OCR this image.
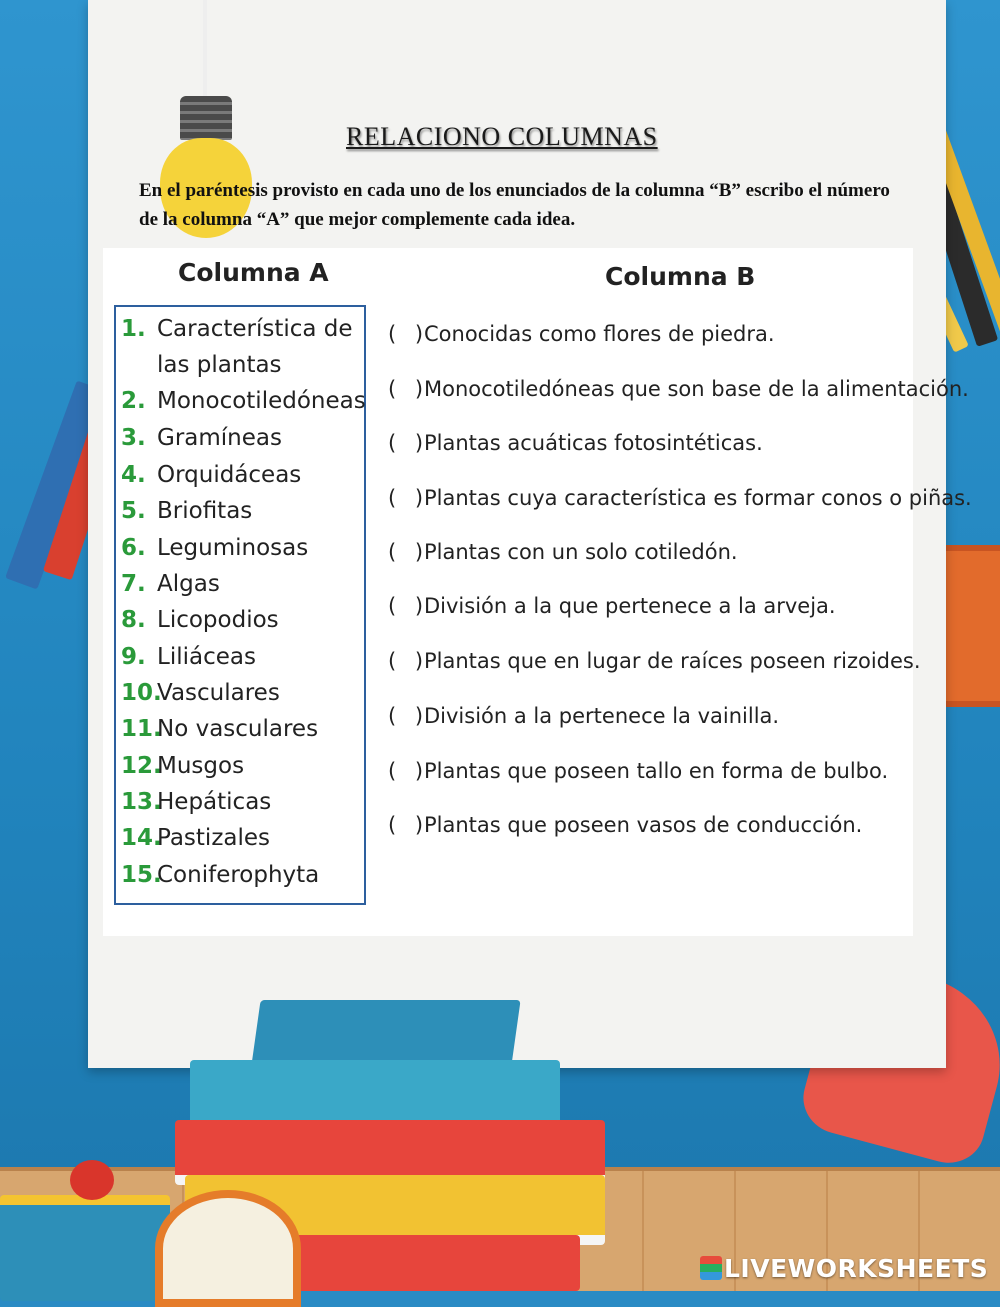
RELACIONO COLUMNAS
En el paréntesis provisto en cada uno de los enunciados de la columna “B” escribo el número de la columna “A” que mejor complemente cada idea.
Columna A	Columna B
1. Característica de
las plantas
2. Monocotiledóneas
3. Gramíneas
4. Orquidáceas
5. Briofitas
6. Leguminosas
7. Algas
8. Licopodios
9. Liliáceas
10.Vasculares
11.No vasculares
12.Musgos
13.Hepáticas
14.Pastizales
15.Coniferophyta
( )Conocidas como flores de piedra.
( )Monocotiledóneas que son base de la alimentación.
( )Plantas acuáticas fotosintéticas.
( )Plantas cuya característica es formar conos o piñas.
( )Plantas con un solo cotiledón.
( )División a la que pertenece a la arveja.
( )Plantas que en lugar de raíces poseen rizoides.
( )División a la pertenece la vainilla.
( )Plantas que poseen tallo en forma de bulbo.
( )Plantas que poseen vasos de conducción.
LIVEWORKSHEETS
